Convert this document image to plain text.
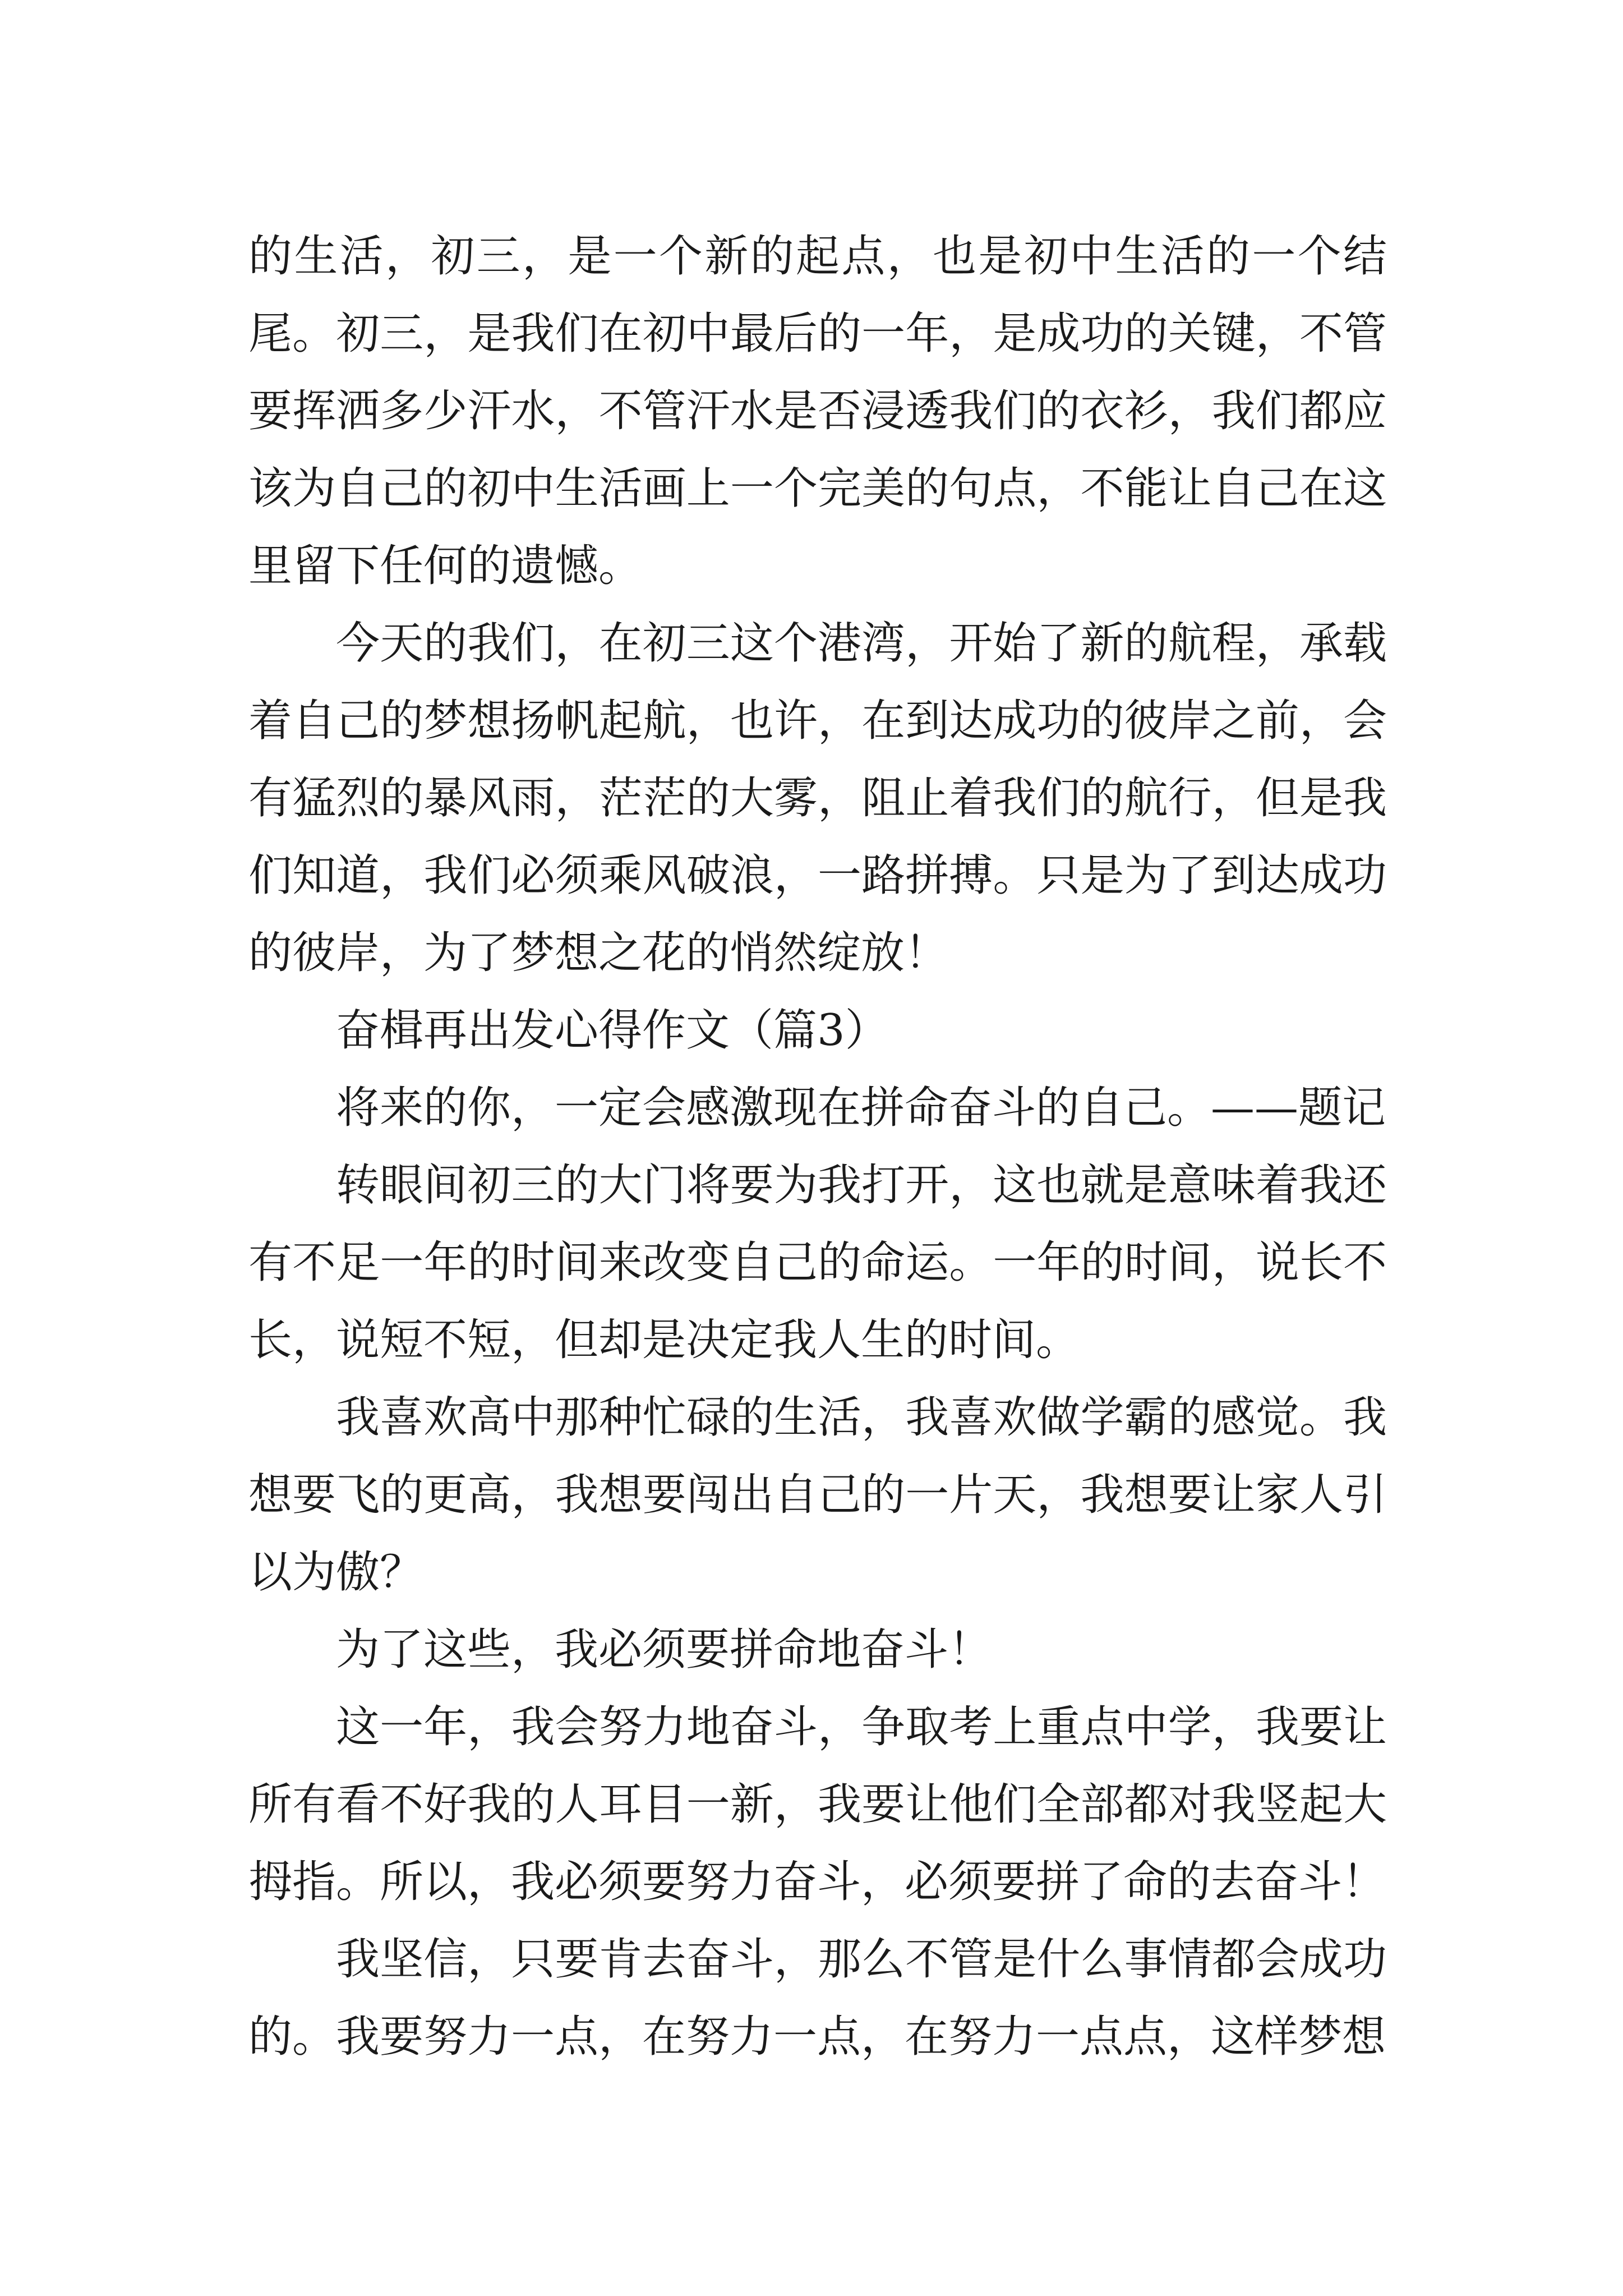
的生活，初三，是一个新的起点，也是初中生活的一个结尾。初三，是我们在初中最后的一年，是成功的关键，不管要挥洒多少汗水，不管汗水是否浸透我们的衣衫，我们都应该为自己的初中生活画上一个完美的句点，不能让自己在这里留下任何的遗憾。

今天的我们，在初三这个港湾，开始了新的航程，承载着自己的梦想扬帆起航，也许，在到达成功的彼岸之前，会有猛烈的暴风雨，茫茫的大雾，阻止着我们的航行，但是我们知道，我们必须乘风破浪，一路拼搏。只是为了到达成功的彼岸，为了梦想之花的悄然绽放！

奋楫再出发心得作文（篇3）

将来的你，一定会感激现在拼命奋斗的自己。——题记

转眼间初三的大门将要为我打开，这也就是意味着我还有不足一年的时间来改变自己的命运。一年的时间，说长不长，说短不短，但却是决定我人生的时间。

我喜欢高中那种忙碌的生活，我喜欢做学霸的感觉。我想要飞的更高，我想要闯出自己的一片天，我想要让家人引以为傲？

为了这些，我必须要拼命地奋斗！

这一年，我会努力地奋斗，争取考上重点中学，我要让所有看不好我的人耳目一新，我要让他们全部都对我竖起大拇指。所以，我必须要努力奋斗，必须要拼了命的去奋斗！

我坚信，只要肯去奋斗，那么不管是什么事情都会成功的。我要努力一点，在努力一点，在努力一点点，这样梦想
